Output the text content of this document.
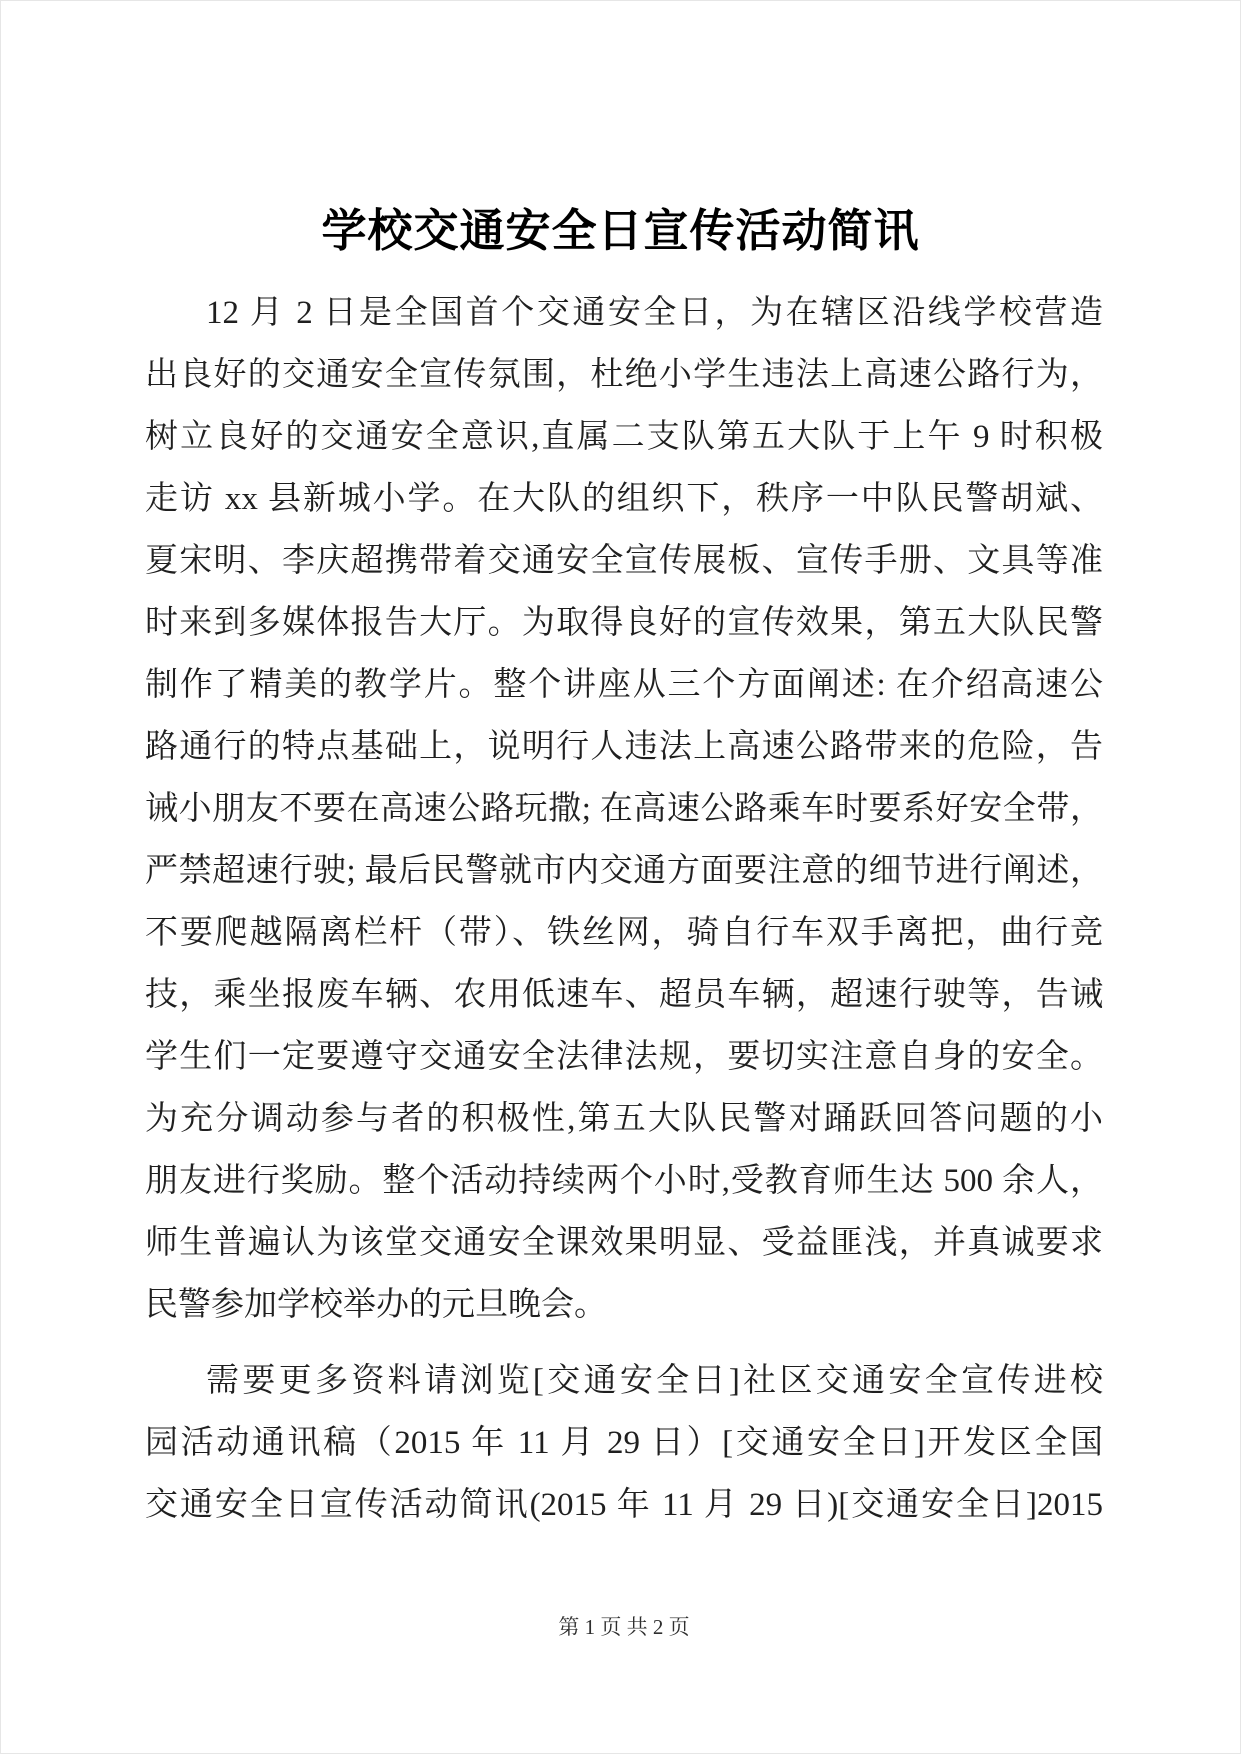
学校交通安全日宣传活动简讯
12 月 2 日是全国首个交通安全日，为在辖区沿线学校营造
出良好的交通安全宣传氛围，杜绝小学生违法上高速公路行为，
树立良好的交通安全意识,直属二支队第五大队于上午 9 时积极
走访 xx 县新城小学。在大队的组织下，秩序一中队民警胡斌、
夏宋明、李庆超携带着交通安全宣传展板、宣传手册、文具等准
时来到多媒体报告大厅。为取得良好的宣传效果，第五大队民警
制作了精美的教学片。整个讲座从三个方面阐述: 在介绍高速公
路通行的特点基础上，说明行人违法上高速公路带来的危险，告
诫小朋友不要在高速公路玩撒; 在高速公路乘车时要系好安全带，
严禁超速行驶; 最后民警就市内交通方面要注意的细节进行阐述，
不要爬越隔离栏杆（带）、铁丝网，骑自行车双手离把，曲行竞
技，乘坐报废车辆、农用低速车、超员车辆，超速行驶等，告诫
学生们一定要遵守交通安全法律法规，要切实注意自身的安全。
为充分调动参与者的积极性,第五大队民警对踊跃回答问题的小
朋友进行奖励。整个活动持续两个小时,受教育师生达 500 余人，
师生普遍认为该堂交通安全课效果明显、受益匪浅，并真诚要求
民警参加学校举办的元旦晚会。
需要更多资料请浏览[交通安全日]社区交通安全宣传进校
园活动通讯稿（2015 年 11 月 29 日）[交通安全日]开发区全国
交通安全日宣传活动简讯(2015 年 11 月 29 日)[交通安全日]2015
第 1 页 共 2 页
